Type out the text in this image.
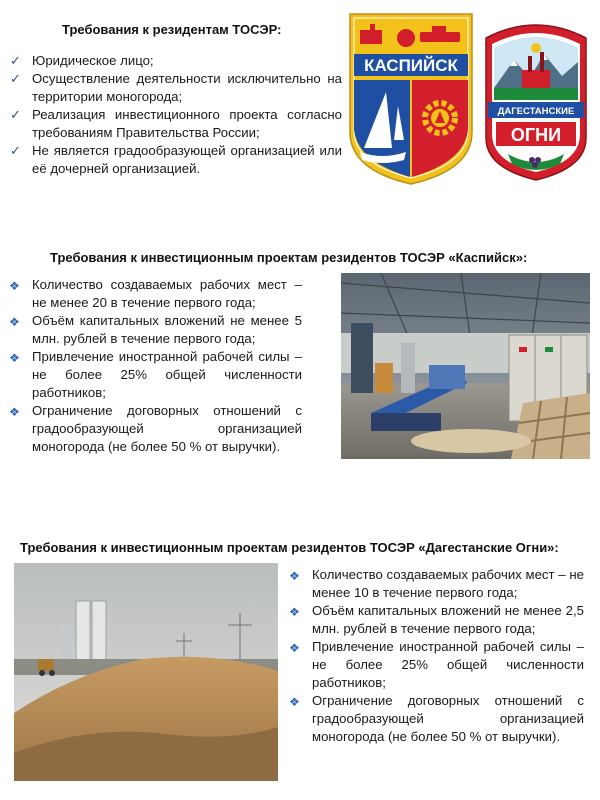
Требования к резидентам ТОСЭР:
✓ Юридическое лицо;
✓ Осуществление деятельности исключительно на территории моногорода;
✓ Реализация инвестиционного проекта согласно требованиям Правительства России;
✓ Не является градообразующей организацией или её дочерней организацией.
КАСПИЙСК
ДАГЕСТАНСКИЕ
ОГНИ
Требования к инвестиционным проектам резидентов ТОСЭР «Каспийск»:
❖ Количество создаваемых рабочих мест – не менее 20 в течение первого года;
❖ Объём капитальных вложений не менее 5 млн. рублей в течение первого года;
❖ Привлечение иностранной рабочей силы – не более 25% общей численности работников;
❖ Ограничение договорных отношений с градообразующей организацией моногорода (не более 50 % от выручки).
Требования к инвестиционным проектам резидентов ТОСЭР «Дагестанские Огни»:
❖ Количество создаваемых рабочих мест – не менее 10 в течение первого года;
❖ Объём капитальных вложений не менее 2,5 млн. рублей в течение первого года;
❖ Привлечение иностранной рабочей силы – не более 25% общей численности работников;
❖ Ограничение договорных отношений с градообразующей организацией моногорода (не более 50 % от выручки).
